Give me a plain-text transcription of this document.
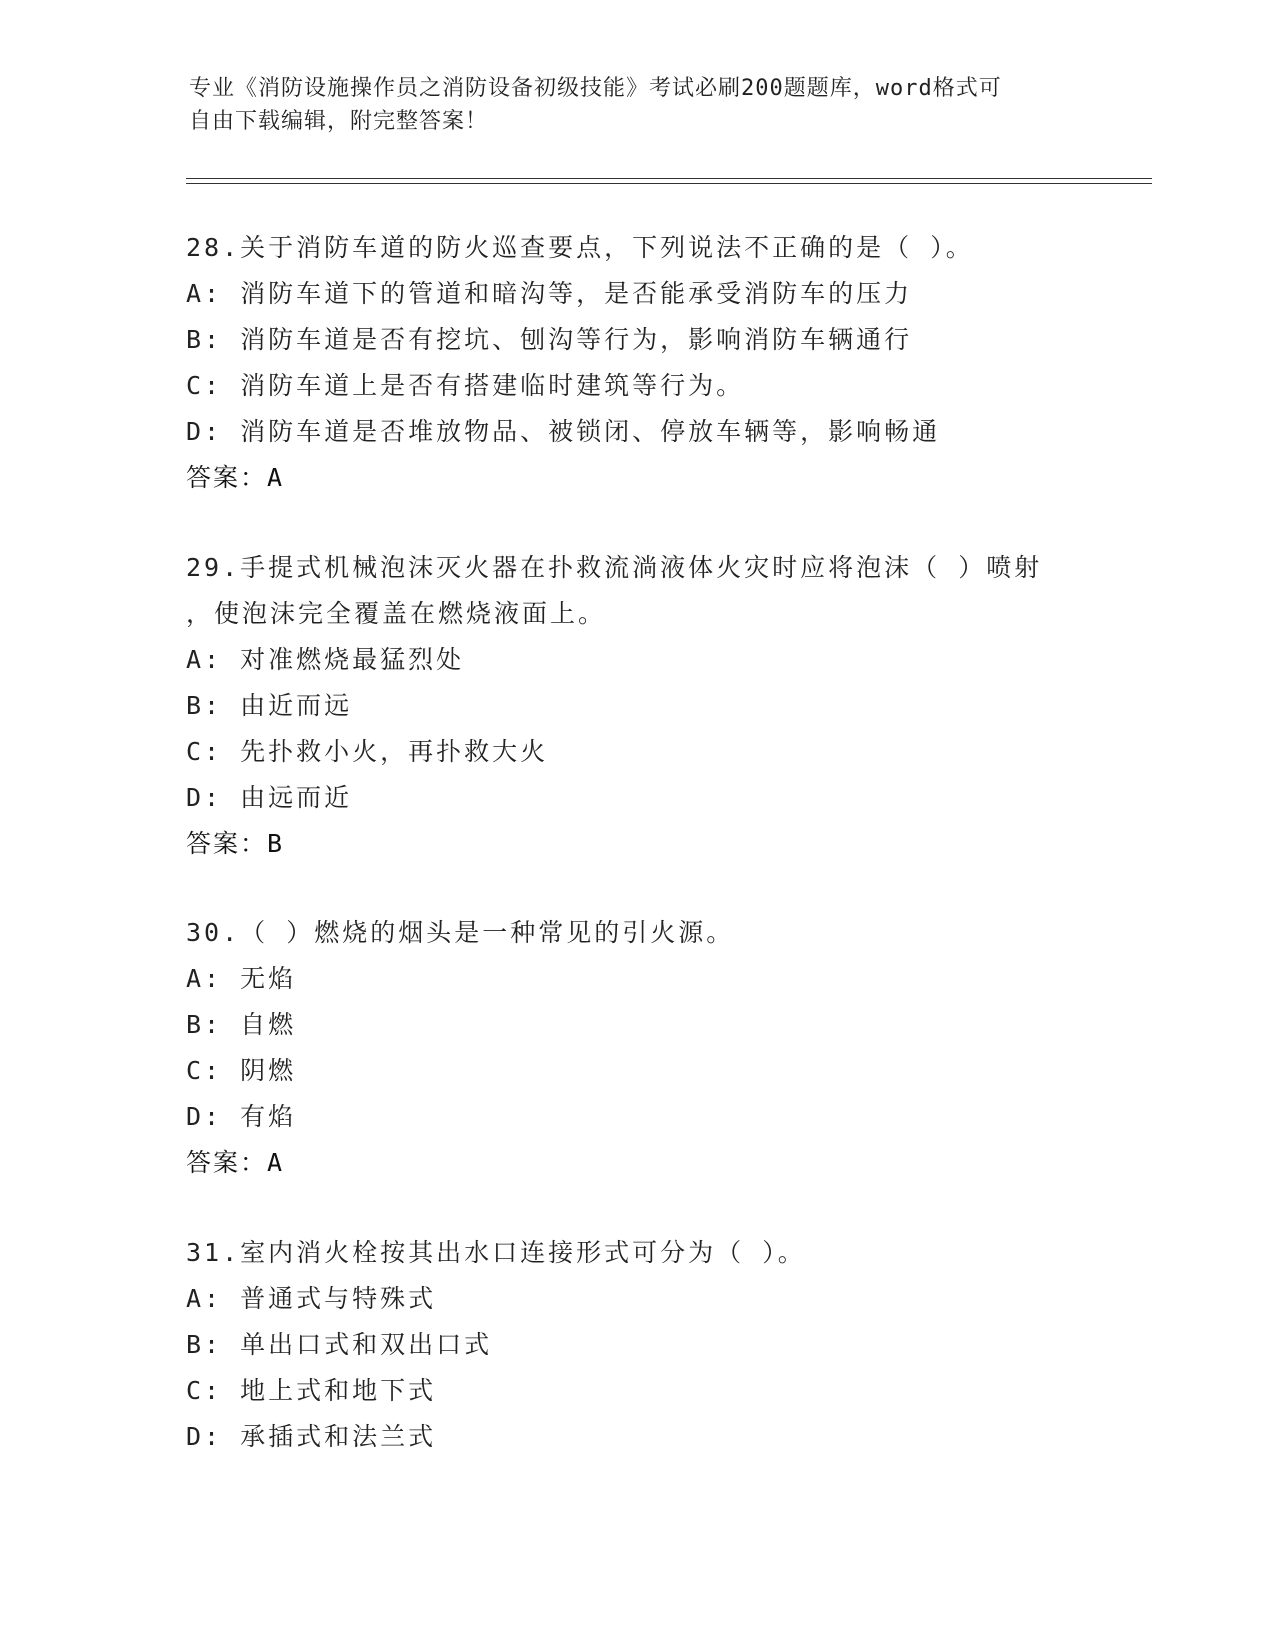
专业《消防设施操作员之消防设备初级技能》考试必刷200题题库，word格式可
自由下载编辑，附完整答案！
28.关于消防车道的防火巡查要点，下列说法不正确的是（ ）。
A: 消防车道下的管道和暗沟等，是否能承受消防车的压力
B: 消防车道是否有挖坑、刨沟等行为，影响消防车辆通行
C: 消防车道上是否有搭建临时建筑等行为。
D: 消防车道是否堆放物品、被锁闭、停放车辆等，影响畅通
答案：A
29.手提式机械泡沫灭火器在扑救流淌液体火灾时应将泡沫（ ）喷射
，使泡沫完全覆盖在燃烧液面上。
A: 对准燃烧最猛烈处
B: 由近而远
C: 先扑救小火，再扑救大火
D: 由远而近
答案：B
30.（ ）燃烧的烟头是一种常见的引火源。
A: 无焰
B: 自燃
C: 阴燃
D: 有焰
答案：A
31.室内消火栓按其出水口连接形式可分为（ ）。
A: 普通式与特殊式
B: 单出口式和双出口式
C: 地上式和地下式
D: 承插式和法兰式
